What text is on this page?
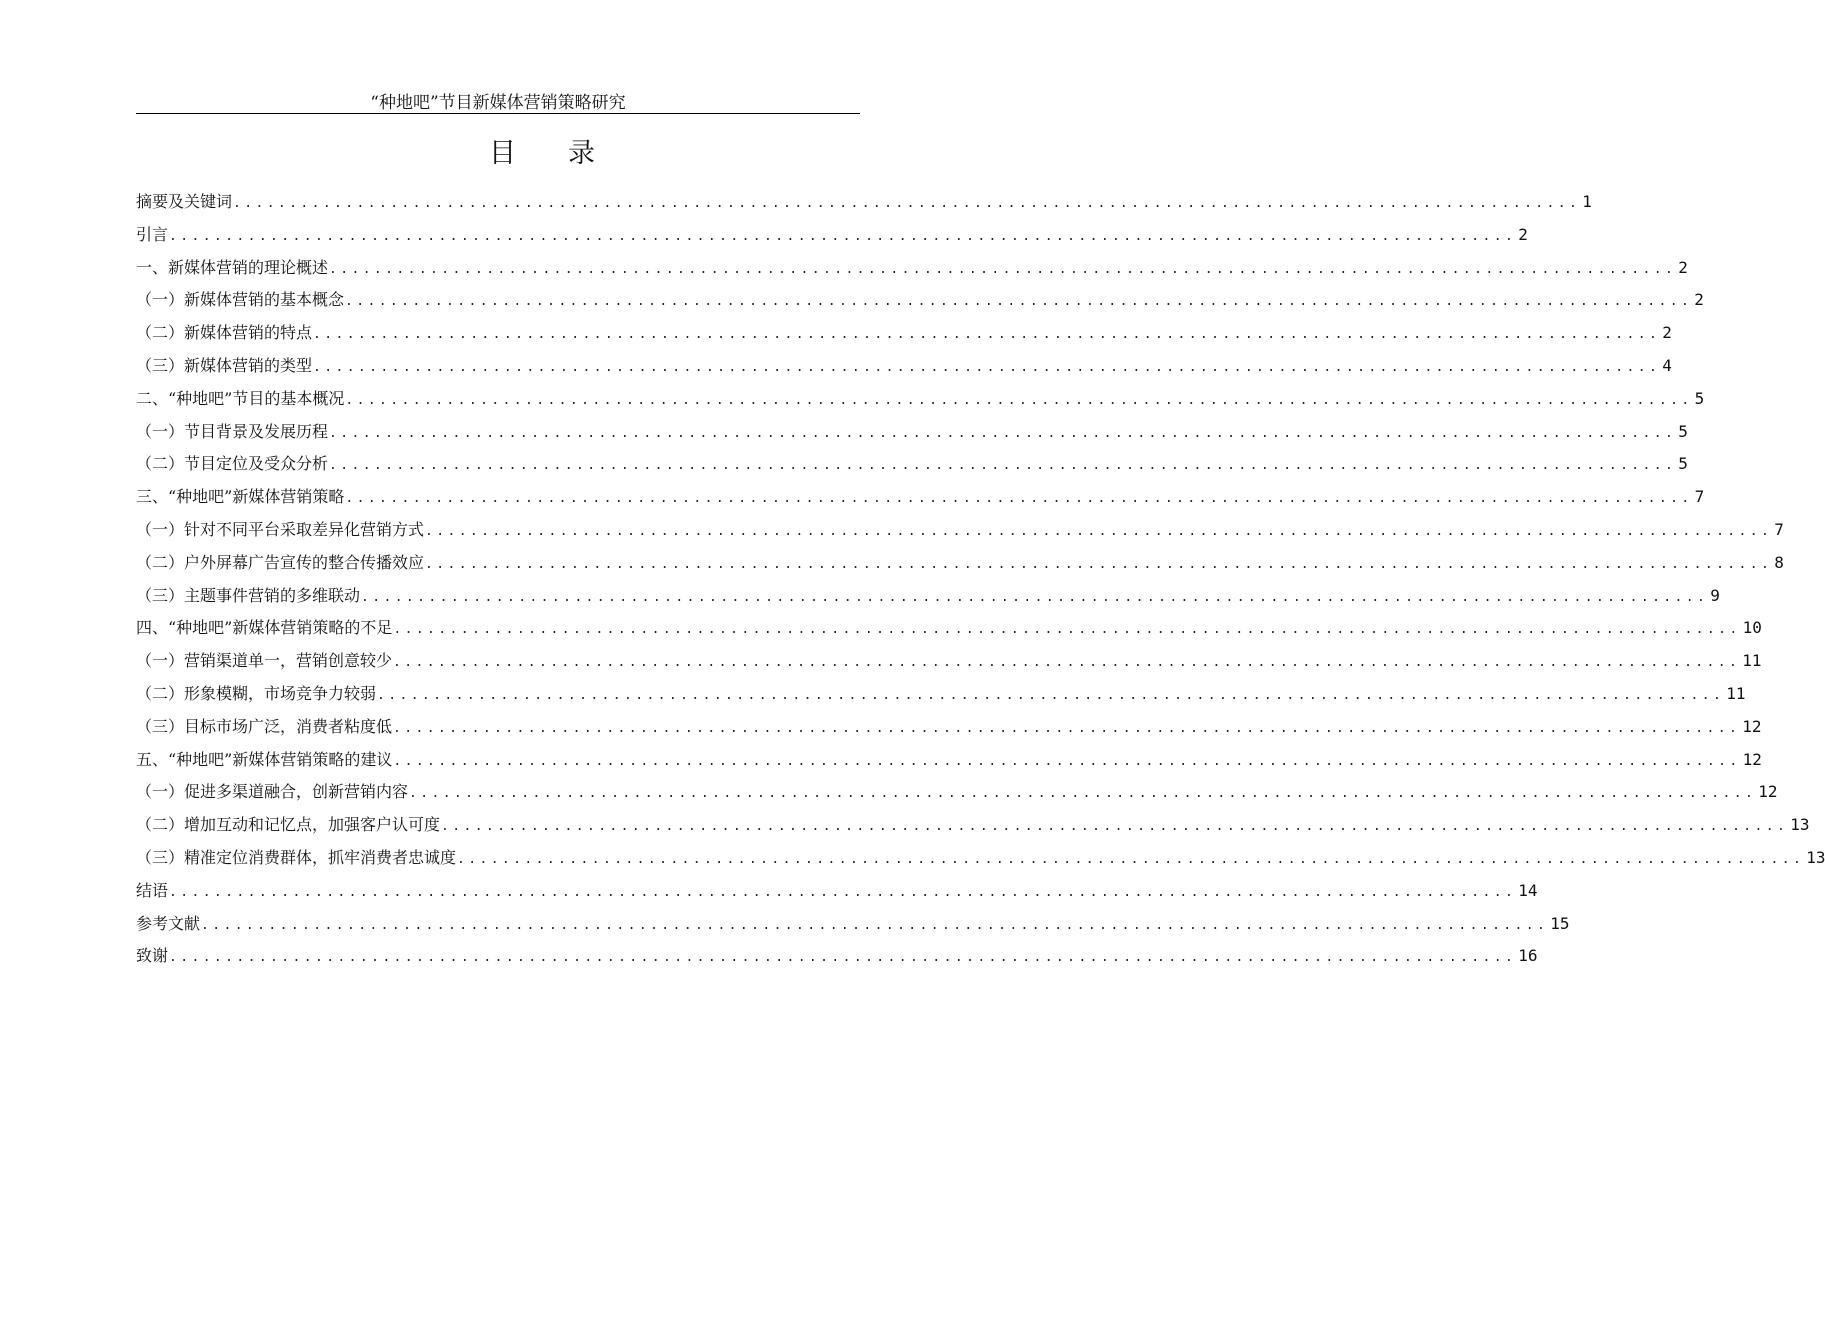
“种地吧”节目新媒体营销策略研究
目 录
摘要及关键词 ........................................................................................................................ 1
引言 ........................................................................................................................ 2
一、新媒体营销的理论概述 ........................................................................................................................ 2
（一）新媒体营销的基本概念 ........................................................................................................................ 2
（二）新媒体营销的特点 ........................................................................................................................ 2
（三）新媒体营销的类型 ........................................................................................................................ 4
二、“种地吧”节目的基本概况 ........................................................................................................................ 5
（一）节目背景及发展历程 ........................................................................................................................ 5
（二）节目定位及受众分析 ........................................................................................................................ 5
三、“种地吧”新媒体营销策略 ........................................................................................................................ 7
（一）针对不同平台采取差异化营销方式 ........................................................................................................................ 7
（二）户外屏幕广告宣传的整合传播效应 ........................................................................................................................ 8
（三）主题事件营销的多维联动 ........................................................................................................................ 9
四、“种地吧”新媒体营销策略的不足 ........................................................................................................................ 10
（一）营销渠道单一，营销创意较少 ........................................................................................................................ 11
（二）形象模糊，市场竞争力较弱 ........................................................................................................................ 11
（三）目标市场广泛，消费者粘度低 ........................................................................................................................ 12
五、“种地吧”新媒体营销策略的建议 ........................................................................................................................ 12
（一）促进多渠道融合，创新营销内容 ........................................................................................................................ 12
（二）增加互动和记忆点，加强客户认可度 ........................................................................................................................ 13
（三）精准定位消费群体，抓牢消费者忠诚度 ........................................................................................................................ 13
结语 ........................................................................................................................ 14
参考文献 ........................................................................................................................ 15
致谢 ........................................................................................................................ 16
